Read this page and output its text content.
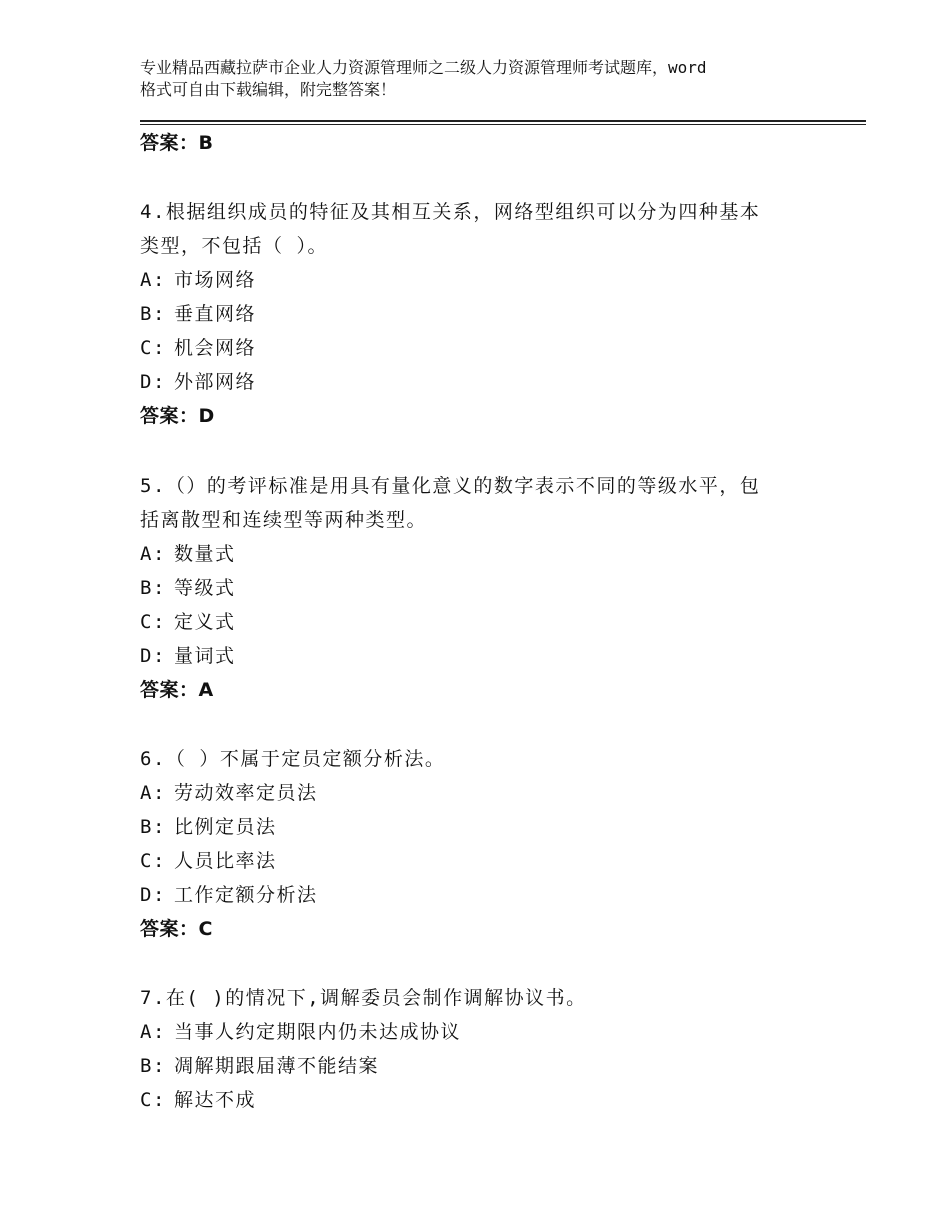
专业精品西藏拉萨市企业人力资源管理师之二级人力资源管理师考试题库，word
格式可自由下载编辑，附完整答案！
答案：B
4.根据组织成员的特征及其相互关系，网络型组织可以分为四种基本
类型，不包括（ ）。
A: 市场网络
B: 垂直网络
C: 机会网络
D: 外部网络
答案：D
5.（）的考评标准是用具有量化意义的数字表示不同的等级水平，包
括离散型和连续型等两种类型。
A: 数量式
B: 等级式
C: 定义式
D: 量词式
答案：A
6.（ ）不属于定员定额分析法。
A: 劳动效率定员法
B: 比例定员法
C: 人员比率法
D: 工作定额分析法
答案：C
7.在( )的情况下,调解委员会制作调解协议书。
A: 当事人约定期限内仍未达成协议
B: 凋解期跟届薄不能结案
C: 解达不成
